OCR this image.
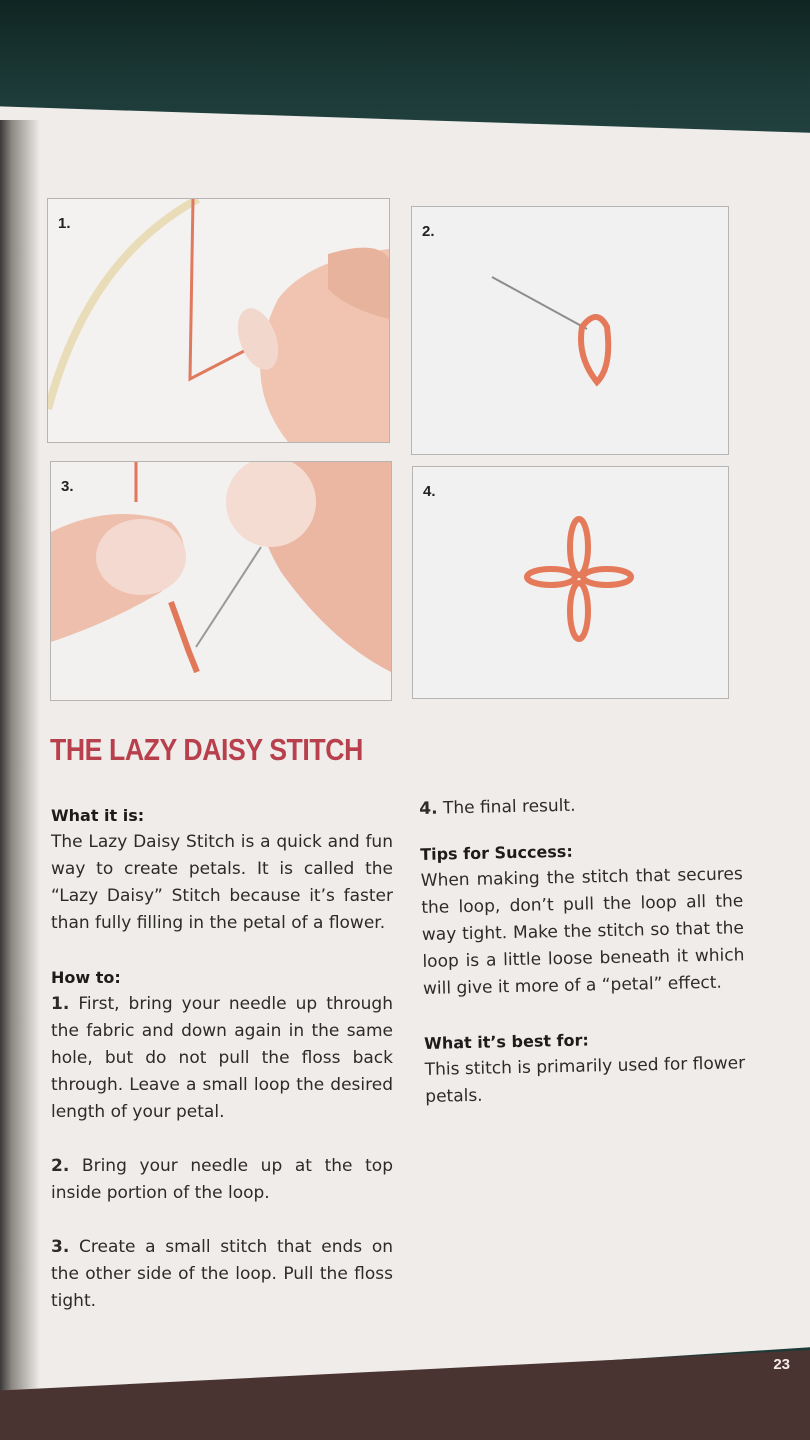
1.	2.
3.	4.
THE LAZY DAISY STITCH
What it is:

The Lazy Daisy Stitch is a quick and fun way to create petals. It is called the “Lazy Daisy” Stitch because it’s faster than fully filling in the petal of a flower.

How to:

1. First, bring your needle up through the fabric and down again in the same hole, but do not pull the floss back through. Leave a small loop the desired length of your petal.

2. Bring your needle up at the top inside portion of the loop.

3. Create a small stitch that ends on the other side of the loop. Pull the floss tight.

4. The final result.

Tips for Success:

When making the stitch that secures the loop, don’t pull the loop all the way tight. Make the stitch so that the loop is a little loose beneath it which will give it more of a “petal” effect.

What it’s best for:

This stitch is primarily used for flower petals.

23
